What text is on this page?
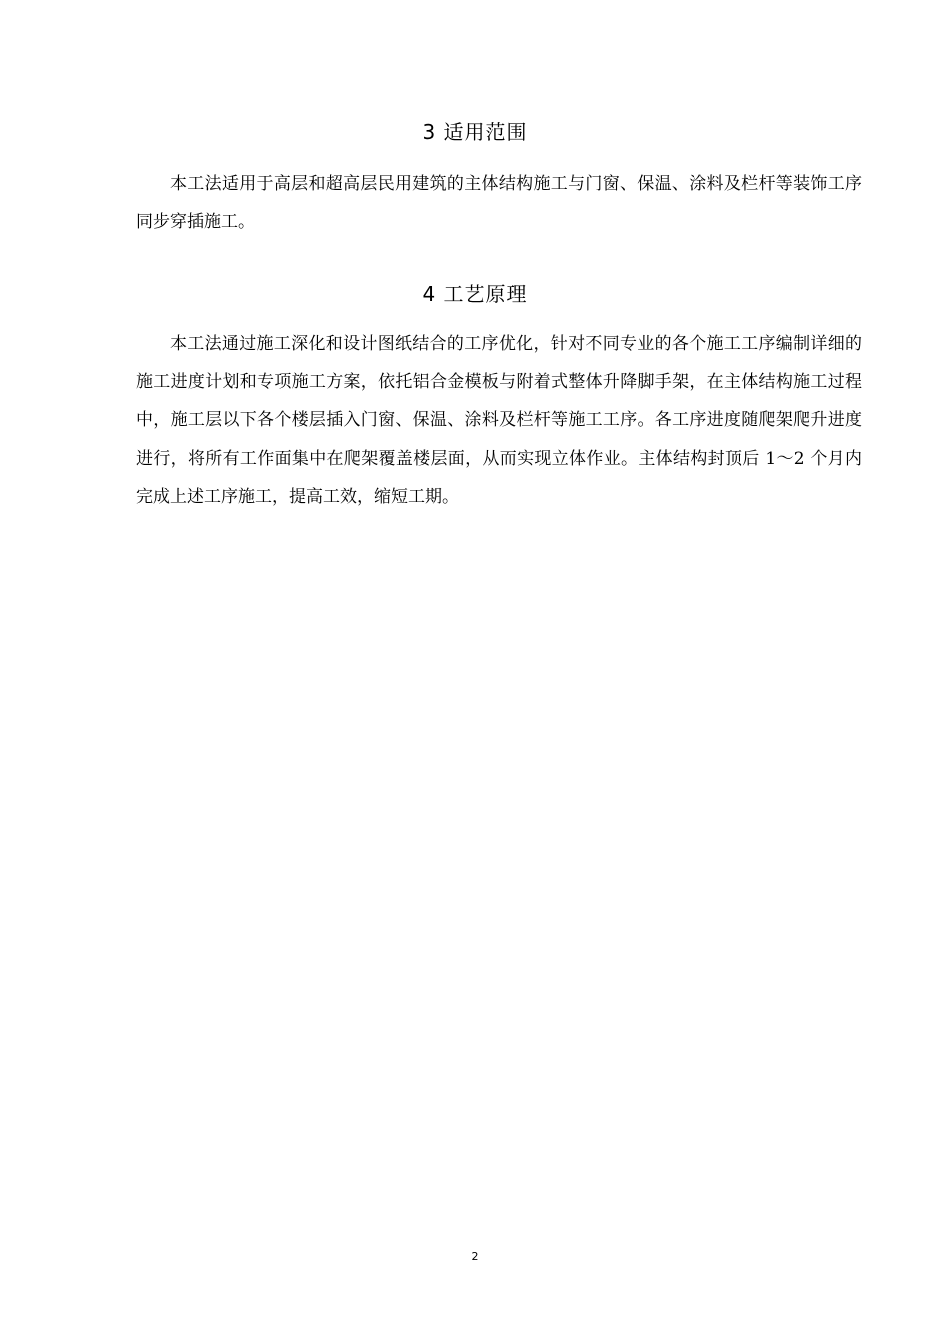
3 适用范围

本工法适用于高层和超高层民用建筑的主体结构施工与门窗、保温、涂料及栏杆等装饰工序同步穿插施工。

4 工艺原理

本工法通过施工深化和设计图纸结合的工序优化，针对不同专业的各个施工工序编制详细的施工进度计划和专项施工方案，依托铝合金模板与附着式整体升降脚手架，在主体结构施工过程中，施工层以下各个楼层插入门窗、保温、涂料及栏杆等施工工序。各工序进度随爬架爬升进度进行，将所有工作面集中在爬架覆盖楼层面，从而实现立体作业。主体结构封顶后 1～2 个月内完成上述工序施工，提高工效，缩短工期。

2
